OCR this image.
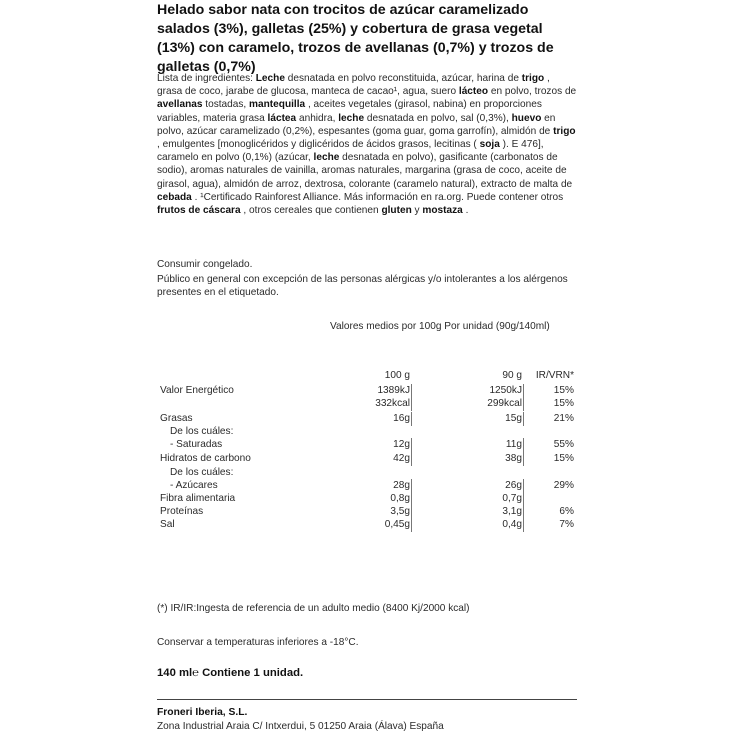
Helado sabor nata con trocitos de azúcar caramelizado salados (3%), galletas (25%) y cobertura de grasa vegetal (13%) con caramelo, trozos de avellanas (0,7%) y trozos de galletas (0,7%)
Lista de ingredientes: Leche desnatada en polvo reconstituida, azúcar, harina de trigo , grasa de coco, jarabe de glucosa, manteca de cacao¹, agua, suero lácteo en polvo, trozos de avellanas tostadas, mantequilla , aceites vegetales (girasol, nabina) en proporciones variables, materia grasa láctea anhidra, leche desnatada en polvo, sal (0,3%), huevo en polvo, azúcar caramelizado (0,2%), espesantes (goma guar, goma garrofín), almidón de trigo , emulgentes [monoglicéridos y diglicéridos de ácidos grasos, lecitinas ( soja ). E 476], caramelo en polvo (0,1%) (azúcar, leche desnatada en polvo), gasificante (carbonatos de sodio), aromas naturales de vainilla, aromas naturales, margarina (grasa de coco, aceite de girasol, agua), almidón de arroz, dextrosa, colorante (caramelo natural), extracto de malta de cebada . ¹Certificado Rainforest Alliance. Más información en ra.org. Puede contener otros frutos de cáscara , otros cereales que contienen gluten y mostaza .
Consumir congelado.
Público en general con excepción de las personas alérgicas y/o intolerantes a los alérgenos presentes en el etiquetado.
Valores medios por 100g Por unidad (90g/140ml)
100 g	90 g	IR/VRN*
Valor Energético	1389kJ	1250kJ	15%
332kcal	299kcal	15%
Grasas	16g	15g	21%
De los cuáles:
- Saturadas	12g	11g	55%
Hidratos de carbono	42g	38g	15%
De los cuáles:
- Azúcares	28g	26g	29%
Fibra alimentaria	0,8g	0,7g
Proteínas	3,5g	3,1g	6%
Sal	0,45g	0,4g	7%
(*) IR/IR:Ingesta de referencia de un adulto medio (8400 Kj/2000 kcal)
Conservar a temperaturas inferiores a -18°C.
140 ml℮ Contiene 1 unidad.
Froneri Iberia, S.L.
Zona Industrial Araia C/ Intxerdui, 5 01250 Araia (Álava) España
